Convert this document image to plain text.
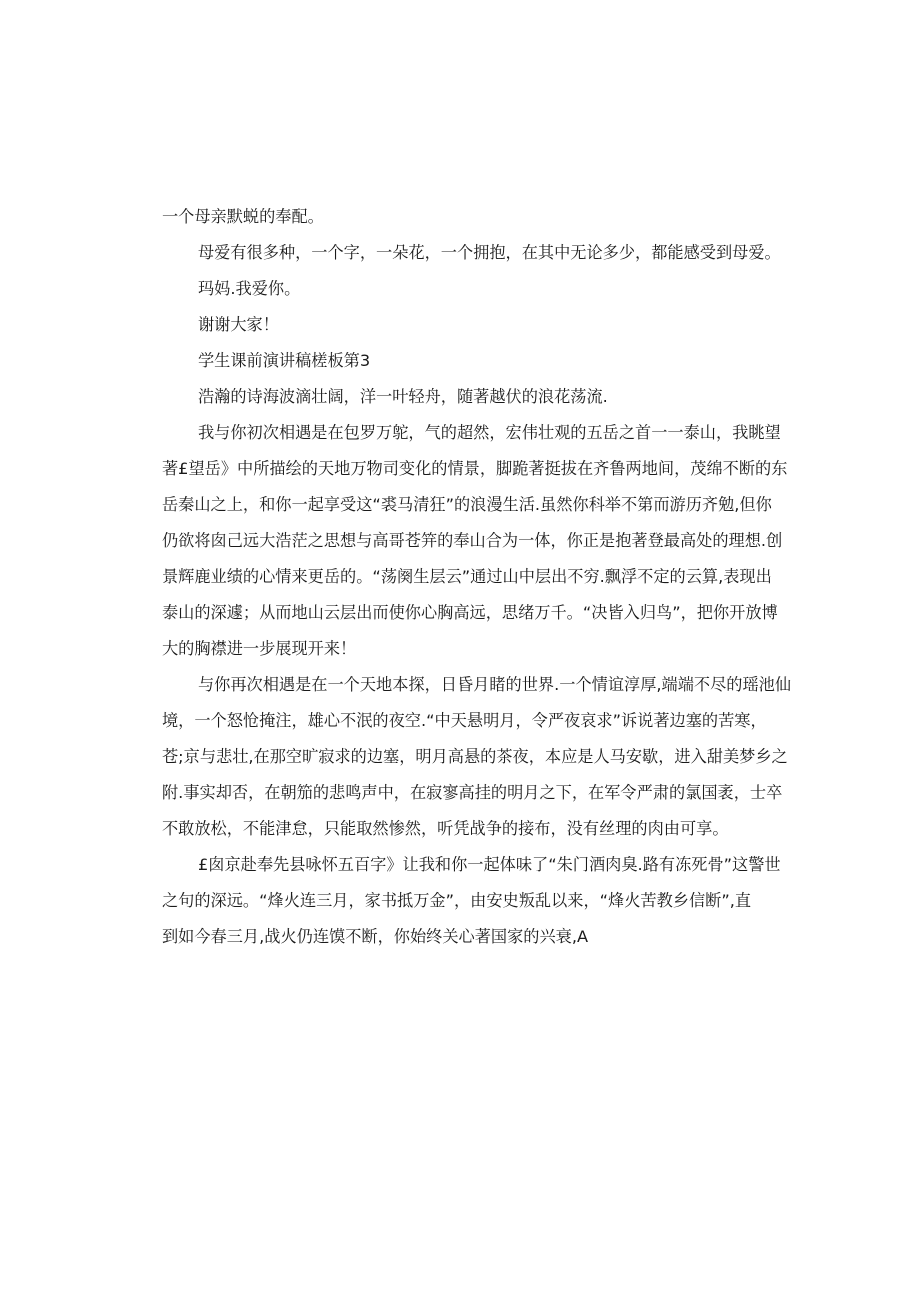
一个母亲默蜕的奉配。
母爱有很多种，一个字，一朵花，一个拥抱，在其中无论多少，都能感受到母爱。
玛妈.我爱你。
谢谢大家！
学生课前演讲稿槎板第3
浩瀚的诗海波滴壮阔，洋一叶轻舟，随著越伏的浪花荡流.
我与你初次相遇是在包罗万鸵，气的超然，宏伟壮观的五岳之首一一泰山，我眺望
著£望岳》中所描绘的天地万物司变化的情景，脚跪著挺拔在齐鲁两地间，茂绵不断的东
岳秦山之上，和你一起享受这“裘马清狂”的浪漫生活.虽然你科举不第而游历齐勉,但你
仍欲将囱己远大浩茫之思想与高哥苍笄的奉山合为一体，你正是抱著登最高处的理想.创
景辉鹿业绩的心情来更岳的。“荡阕生层云”通过山中层出不穷.飘浮不定的云算,表现出
泰山的深遽；从而地山云层出而使你心胸高远，思绪万千。“决皆入归鸟”，把你开放博
大的胸襟进一步展现开来！
与你再次相遇是在一个天地本探，日昏月睹的世界.一个情谊淳厚,端端不尽的瑶池仙
境，一个怒怆掩注，雄心不泯的夜空.“中天悬明月，令严夜哀求”诉说著边塞的苦寒，
苍;京与悲壮,在那空旷寂求的边塞，明月高悬的茶夜，本应是人马安歇，进入甜美梦乡之
附.事实却否，在朝笳的悲鸣声中，在寂寥高挂的明月之下，在军令严肃的氯国袤，士卒
不敢放松，不能津怠，只能取然惨然，听凭战争的接布，没有丝理的肉由可享。
£囱京赴奉先县咏怀五百字》让我和你一起体味了“朱门酒肉臭.路有冻死骨”这警世
之句的深远。“烽火连三月，家书抵万金”，由安史叛乱以来，“烽火苦教乡信断”,直
到如今春三月,战火仍连馍不断，你始终关心著国家的兴衰,A
